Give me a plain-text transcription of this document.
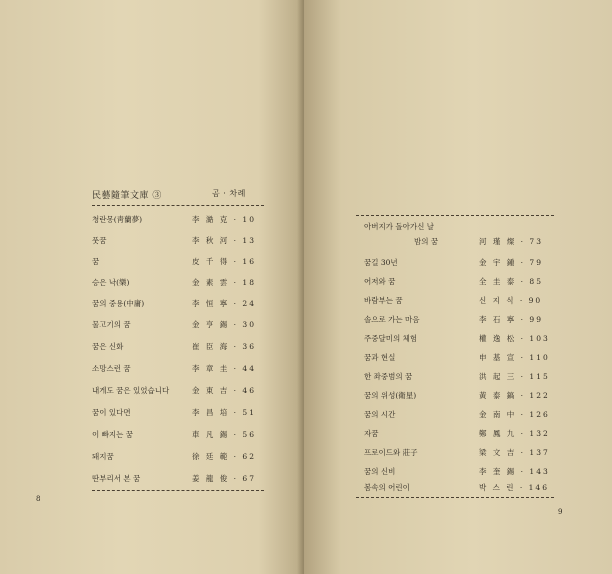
民藝隨筆文庫 ③	곰 · 차례
청란몽(靑蘭夢)	李 澔 克 · 10
풋꿈	李 秋 河 · 13
꿈	皮 千 得 · 16
승은 낙(樂)	金 素 雲 · 18
꿈의 중용(中庸)	李 恒 寧 · 24
물고기의 꿈	金 亨 錫 · 30
꿈은 신화	崔 臣 海 · 36
소망스런 꿈	李 章 圭 · 44
내게도 꿈은 있었습니다	金 東 吉 · 46
꿈이 있다면	李 昌 培 · 51
이 빠지는 꿈	車 凡 錫 · 56
돼지꿈	徐 廷 範 · 62
딴부리서 본 꿈	姜 龍 俊 · 67
8
아버지가 돌아가신 날
밤의 꿈	河 瑾 燦 · 73
꿈길 30년	金 宇 鍾 · 79
어저와 꿈	全 圭 泰 · 85
바람부는 꿈	신 지 식 · 90
솔으로 가는 마음	李 石 寧 · 99
주중달미의 체험	權 逸 松 · 103
꿈과 현실	申 基 宣 · 110
한 좌중범의 꿈	洪 起 三 · 115
꿈의 위성(衛星)	黃 泰 鎬 · 122
꿈의 시간	金 南 中 · 126
자꿈	鄭 鳳 九 · 132
프로이드와 莊子	梁 文 吉 · 137
꿈의 신비	李 奎 錫 · 143
봄속의 어린이	박 스 린 · 146
9
